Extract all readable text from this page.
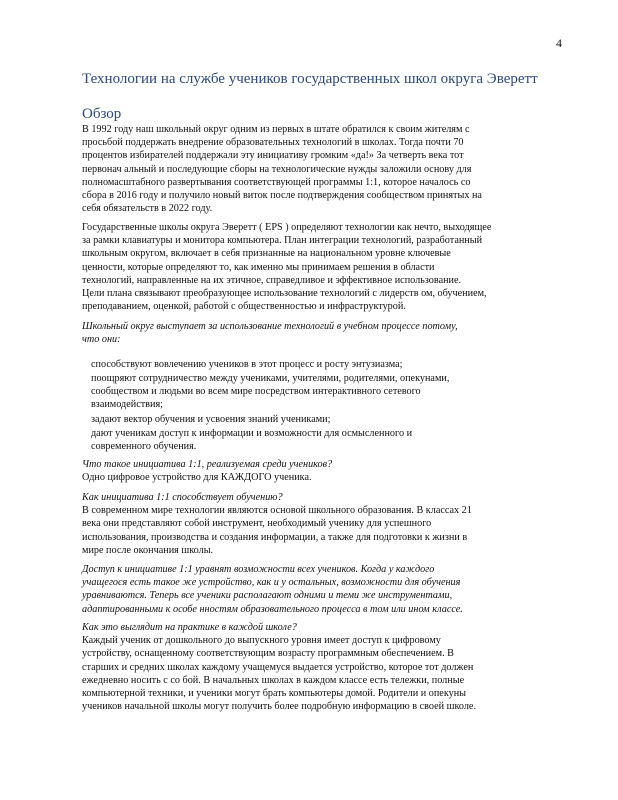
4
Технологии на службе учеников государственных школ округа Эверетт
Обзор
В 1992 году наш школьный округ одним из первых в штате обратился к своим жителям с
просьбой поддержать внедрение образовательных технологий в школах. Тогда почти 70
процентов избирателей поддержали эту инициативу громким «да!» За четверть века тот
первонач альный и последующие сборы на технологические нужды заложили основу для
полномасштабного развертывания соответствующей программы 1:1, которое началось со
сбора в 2016 году и получило новый виток после подтверждения сообществом принятых на
себя обязательств в 2022 году.
Государственные школы округа Эверетт ( EPS ) определяют технологии как нечто, выходящее
за рамки клавиатуры и монитора компьютера. План интеграции технологий, разработанный
школьным округом, включает в себя признанные на национальном уровне ключевые
ценности, которые определяют то, как именно мы принимаем решения в области
технологий, направленные на их этичное, справедливое и эффективное использование.
Цели плана связывают преобразующее использование технологий с лидерств ом, обучением,
преподаванием, оценкой, работой с общественностью и инфраструктурой.
Школьный округ выступает за использование технологий в учебном процессе потому,
что они:
способствуют вовлечению учеников в этот процесс и росту энтузиазма;
поощряют сотрудничество между учениками, учителями, родителями, опекунами,
сообществом и людьми во всем мире посредством интерактивного сетевого
взаимодействия;
задают вектор обучения и усвоения знаний учениками;
дают ученикам доступ к информации и возможности для осмысленного и
современного обучения.
Что такое инициатива 1:1, реализуемая среди учеников?
Одно цифровое устройство для КАЖДОГО ученика.
Как инициатива 1:1 способствует обучению?
В современном мире технологии являются основой школьного образования. В классах 21
века они представляют собой инструмент, необходимый ученику для успешного
использования, производства и создания информации, а также для подготовки к жизни в
мире после окончания школы.
Доступ к инициативе 1:1 уравнят возможности всех учеников. Когда у каждого
учащегося есть такое же устройство, как и у остальных, возможности для обучения
уравниваются. Теперь все ученики располагают одними и теми же инструментами,
адаптированными к особе нностям образовательного процесса в том или ином классе.
Как это выглядит на практике в каждой школе?
Каждый ученик от дошкольного до выпускного уровня имеет доступ к цифровому
устройству, оснащенному соответствующим возрасту программным обеспечением. В
старших и средних школах каждому учащемуся выдается устройство, которое тот должен
ежедневно носить с со бой. В начальных школах в каждом классе есть тележки, полные
компьютерной техники, и ученики могут брать компьютеры домой. Родители и опекуны
учеников начальной школы могут получить более подробную информацию в своей школе.
